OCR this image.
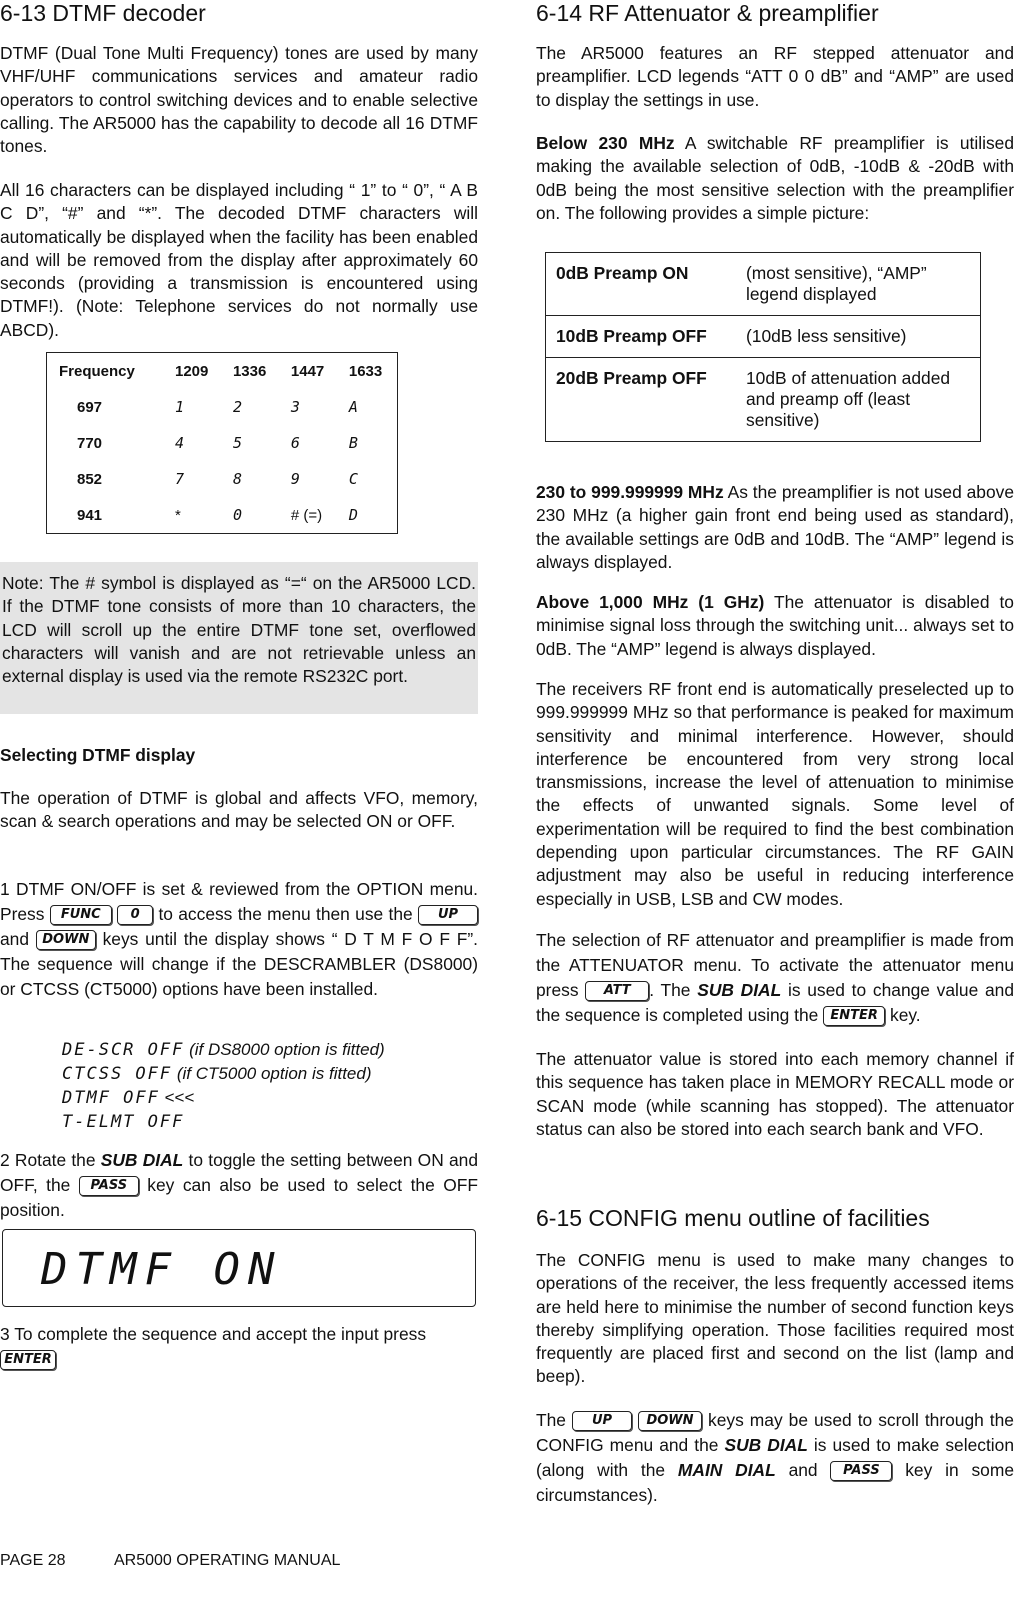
6-13 DTMF decoder

DTMF (Dual Tone Multi Frequency) tones are used by many VHF/UHF communications services and amateur radio operators to control switching devices and to enable selective calling. The AR5000 has the capability to decode all 16 DTMF tones.

All 16 characters can be displayed including “ 1” to “ 0”, “ A B C D”, “#” and “*”. The decoded DTMF characters will automatically be displayed when the facility has been enabled and will be removed from the display after approximately 60 seconds (providing a transmission is encountered using DTMF!). (Note: Telephone services do not normally use ABCD).

Frequency	1209	1336	1447	1633
697	1	2	3	A
770	4	5	6	B
852	7	8	9	C
941	*	0	# (=)	D

Note: The # symbol is displayed as “=“ on the AR5000 LCD. If the DTMF tone consists of more than 10 characters, the LCD will scroll up the entire DTMF tone set, overflowed characters will vanish and are not retrievable unless an external display is used via the remote RS232C port.

Selecting DTMF display

The operation of DTMF is global and affects VFO, memory, scan & search operations and may be selected ON or OFF.

1 DTMF ON/OFF is set & reviewed from the OPTION menu. Press FUNC 0 to access the menu then use the UP and DOWN keys until the display shows “ D T M F O F F”. The sequence will change if the DESCRAMBLER (DS8000) or CTCSS (CT5000) options have been installed.

DE-SCR OFF (if DS8000 option is fitted)
CTCSS OFF (if CT5000 option is fitted)
DTMF OFF <<<
T-ELMT OFF

2 Rotate the SUB DIAL to toggle the setting between ON and OFF, the PASS key can also be used to select the OFF position.

DTMF ON

3 To complete the sequence and accept the input press
ENTER

6-14 RF Attenuator & preamplifier

The AR5000 features an RF stepped attenuator and preamplifier. LCD legends “ATT 0 0 dB” and “AMP” are used to display the settings in use.

Below 230 MHz A switchable RF preamplifier is utilised making the available selection of 0dB, -10dB & -20dB with 0dB being the most sensitive selection with the preamplifier on. The following provides a simple picture:

0dB Preamp ON	(most sensitive), “AMP” legend displayed
10dB Preamp OFF	(10dB less sensitive)
20dB Preamp OFF	10dB of attenuation added and preamp off (least sensitive)

230 to 999.999999 MHz As the preamplifier is not used above 230 MHz (a higher gain front end being used as standard), the available settings are 0dB and 10dB. The “AMP” legend is always displayed.

Above 1,000 MHz (1 GHz) The attenuator is disabled to minimise signal loss through the switching unit... always set to 0dB. The “AMP” legend is always displayed.

The receivers RF front end is automatically preselected up to 999.999999 MHz so that performance is peaked for maximum sensitivity and minimal interference. However, should interference be encountered from very strong local transmissions, increase the level of attenuation to minimise the effects of unwanted signals. Some level of experimentation will be required to find the best combination depending upon particular circumstances. The RF GAIN adjustment may also be useful in reducing interference especially in USB, LSB and CW modes.

The selection of RF attenuator and preamplifier is made from the ATTENUATOR menu. To activate the attenuator menu press ATT . The SUB DIAL is used to change value and the sequence is completed using the ENTER key.

The attenuator value is stored into each memory channel if this sequence has taken place in MEMORY RECALL mode or SCAN mode (while scanning has stopped). The attenuator status can also be stored into each search bank and VFO.

6-15 CONFIG menu outline of facilities

The CONFIG menu is used to make many changes to operations of the receiver, the less frequently accessed items are held here to minimise the number of second function keys thereby simplifying operation. Those facilities required most frequently are placed first and second on the list (lamp and beep).

The UP	DOWN keys may be used to scroll through the CONFIG menu and the SUB DIAL is used to make selection (along with the MAIN DIAL and PASS key in some circumstances).

PAGE 28	AR5000 OPERATING MANUAL
